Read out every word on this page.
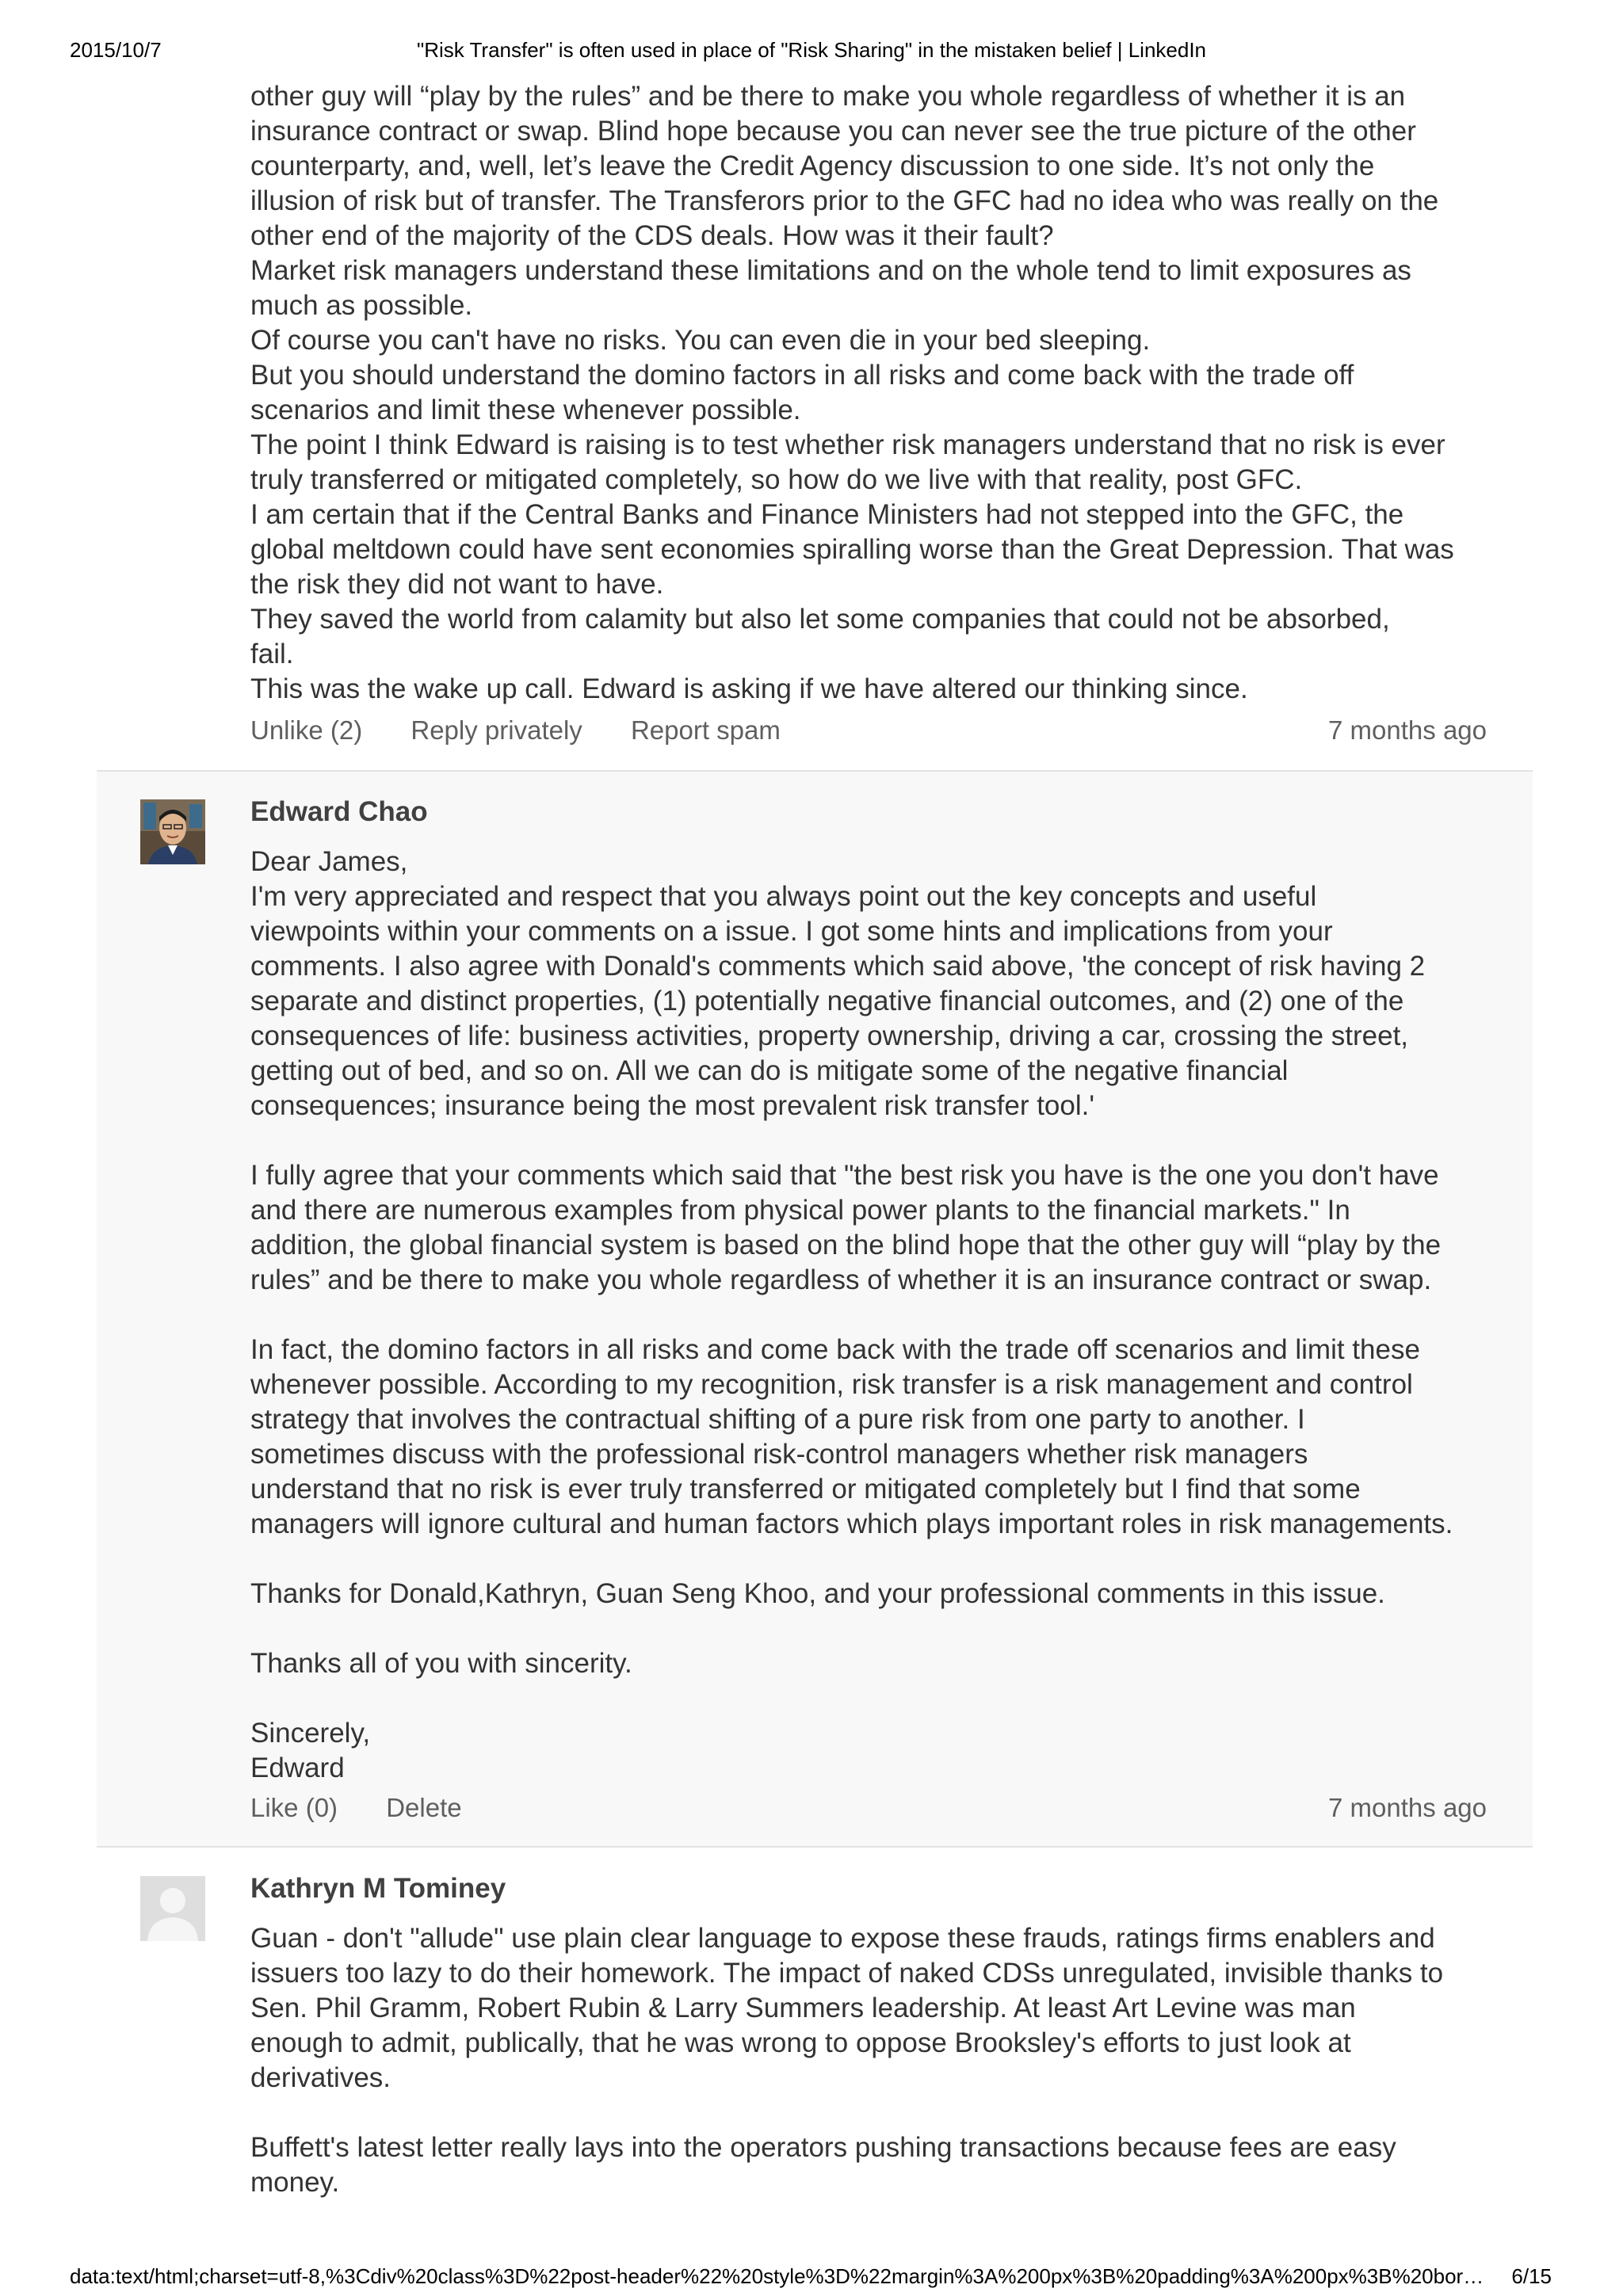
2015/10/7	"Risk Transfer" is often used in place of "Risk Sharing" in the mistaken belief | LinkedIn
other guy will “play by the rules” and be there to make you whole regardless of whether it is an
insurance contract or swap. Blind hope because you can never see the true picture of the other
counterparty, and, well, let’s leave the Credit Agency discussion to one side. It’s not only the
illusion of risk but of transfer. The Transferors prior to the GFC had no idea who was really on the
other end of the majority of the CDS deals. How was it their fault?
Market risk managers understand these limitations and on the whole tend to limit exposures as
much as possible.
Of course you can't have no risks. You can even die in your bed sleeping.
But you should understand the domino factors in all risks and come back with the trade off
scenarios and limit these whenever possible.
The point I think Edward is raising is to test whether risk managers understand that no risk is ever
truly transferred or mitigated completely, so how do we live with that reality, post GFC.
I am certain that if the Central Banks and Finance Ministers had not stepped into the GFC, the
global meltdown could have sent economies spiralling worse than the Great Depression. That was
the risk they did not want to have.
They saved the world from calamity but also let some companies that could not be absorbed,
fail.
This was the wake up call. Edward is asking if we have altered our thinking since.
Unlike (2) Reply privately Report spam	7 months ago
Edward Chao
Dear James,
I'm very appreciated and respect that you always point out the key concepts and useful
viewpoints within your comments on a issue. I got some hints and implications from your
comments. I also agree with Donald's comments which said above, 'the concept of risk having 2
separate and distinct properties, (1) potentially negative financial outcomes, and (2) one of the
consequences of life: business activities, property ownership, driving a car, crossing the street,
getting out of bed, and so on. All we can do is mitigate some of the negative financial
consequences; insurance being the most prevalent risk transfer tool.'
I fully agree that your comments which said that "the best risk you have is the one you don't have
and there are numerous examples from physical power plants to the financial markets." In
addition, the global financial system is based on the blind hope that the other guy will “play by the
rules” and be there to make you whole regardless of whether it is an insurance contract or swap.
In fact, the domino factors in all risks and come back with the trade off scenarios and limit these
whenever possible. According to my recognition, risk transfer is a risk management and control
strategy that involves the contractual shifting of a pure risk from one party to another. I
sometimes discuss with the professional risk-control managers whether risk managers
understand that no risk is ever truly transferred or mitigated completely but I find that some
managers will ignore cultural and human factors which plays important roles in risk managements.
Thanks for Donald,Kathryn, Guan Seng Khoo, and your professional comments in this issue.
Thanks all of you with sincerity.
Sincerely,
Edward
Like (0) Delete	7 months ago
Kathryn M Tominey
Guan - don't "allude" use plain clear language to expose these frauds, ratings firms enablers and
issuers too lazy to do their homework. The impact of naked CDSs unregulated, invisible thanks to
Sen. Phil Gramm, Robert Rubin & Larry Summers leadership. At least Art Levine was man
enough to admit, publically, that he was wrong to oppose Brooksley's efforts to just look at
derivatives.
Buffett's latest letter really lays into the operators pushing transactions because fees are easy
money.
data:text/html;charset=utf-8,%3Cdiv%20class%3D%22post-header%22%20style%3D%22margin%3A%200px%3B%20padding%3A%200px%3B%20bor… 6/15
